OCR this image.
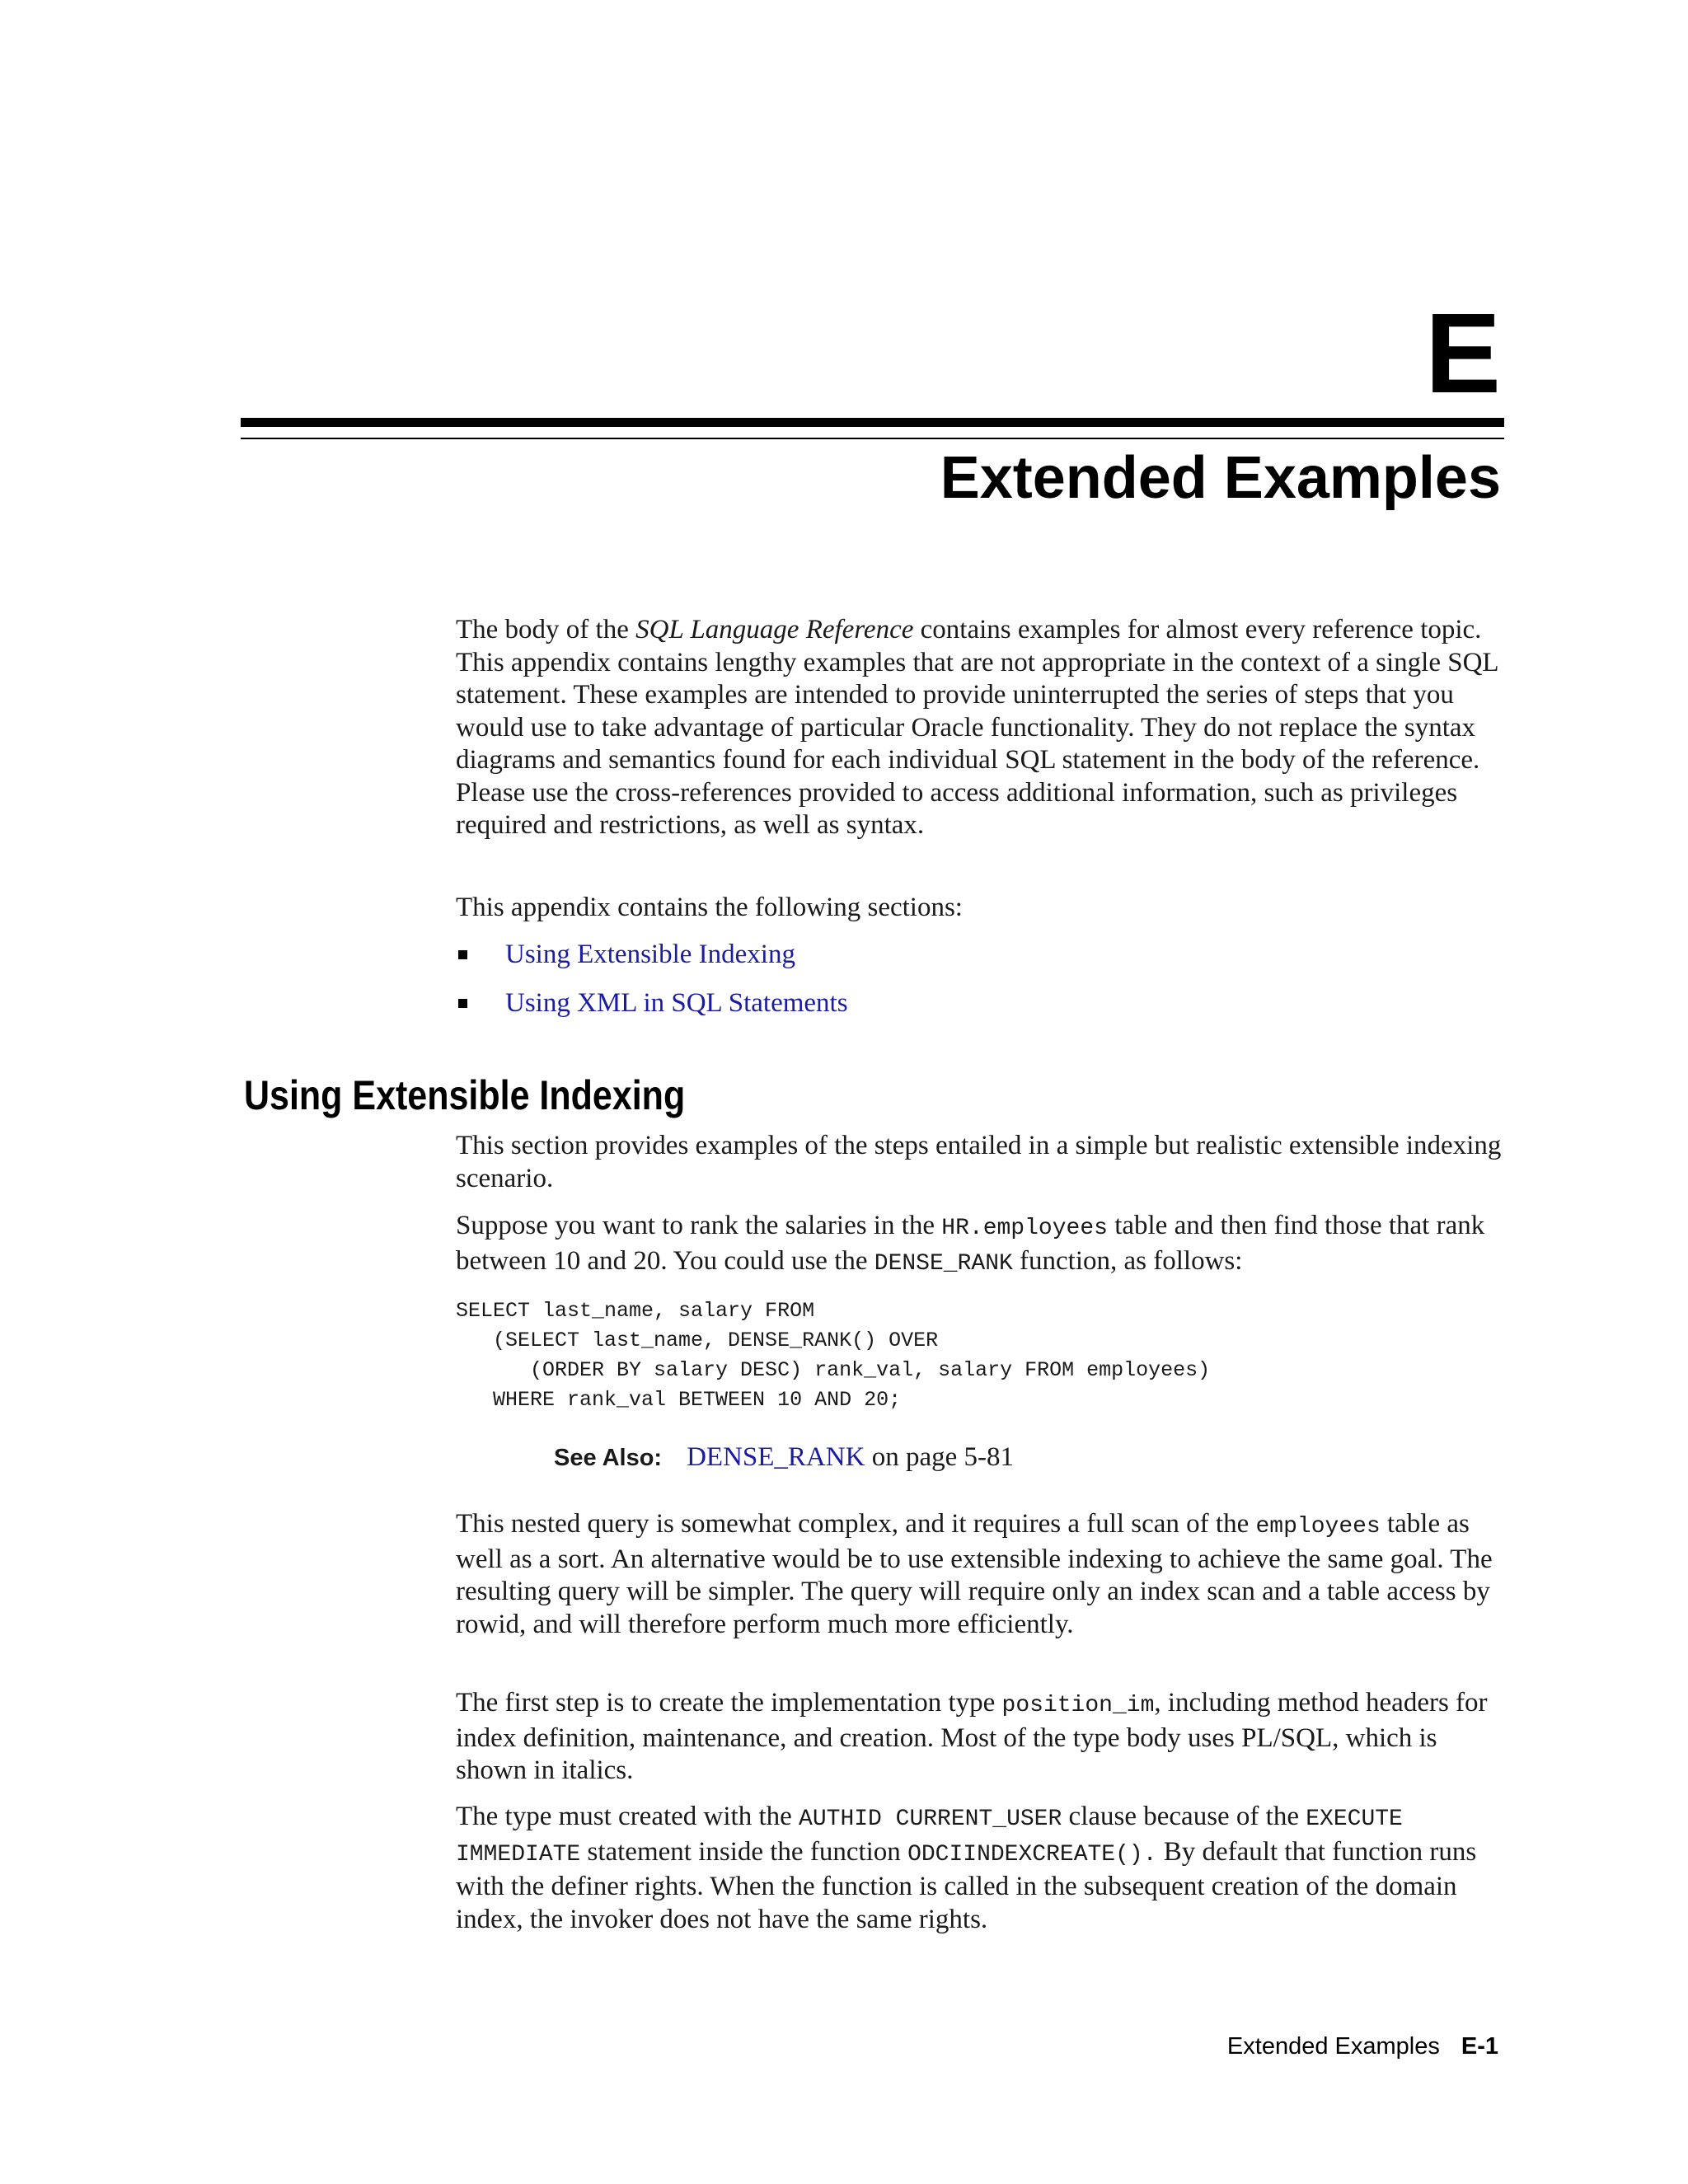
E
Extended Examples

The body of the SQL Language Reference contains examples for almost every reference topic. This appendix contains lengthy examples that are not appropriate in the context of a single SQL statement. These examples are intended to provide uninterrupted the series of steps that you would use to take advantage of particular Oracle functionality. They do not replace the syntax diagrams and semantics found for each individual SQL statement in the body of the reference. Please use the cross-references provided to access additional information, such as privileges required and restrictions, as well as syntax.

This appendix contains the following sections:

Using Extensible Indexing
Using XML in SQL Statements
Using Extensible Indexing

This section provides examples of the steps entailed in a simple but realistic extensible indexing scenario.

Suppose you want to rank the salaries in the HR.employees table and then find those that rank between 10 and 20. You could use the DENSE_RANK function, as follows:

SELECT last_name, salary FROM
(SELECT last_name, DENSE_RANK() OVER
(ORDER BY salary DESC) rank_val, salary FROM employees)
WHERE rank_val BETWEEN 10 AND 20;
See Also: DENSE_RANK on page 5-81

This nested query is somewhat complex, and it requires a full scan of the employees table as well as a sort. An alternative would be to use extensible indexing to achieve the same goal. The resulting query will be simpler. The query will require only an index scan and a table access by rowid, and will therefore perform much more efficiently.

The first step is to create the implementation type position_im, including method headers for index definition, maintenance, and creation. Most of the type body uses PL/SQL, which is shown in italics.

The type must created with the AUTHID CURRENT_USER clause because of the EXECUTE IMMEDIATE statement inside the function ODCIINDEXCREATE(). By default that function runs with the definer rights. When the function is called in the subsequent creation of the domain index, the invoker does not have the same rights.

Extended Examples E-1
